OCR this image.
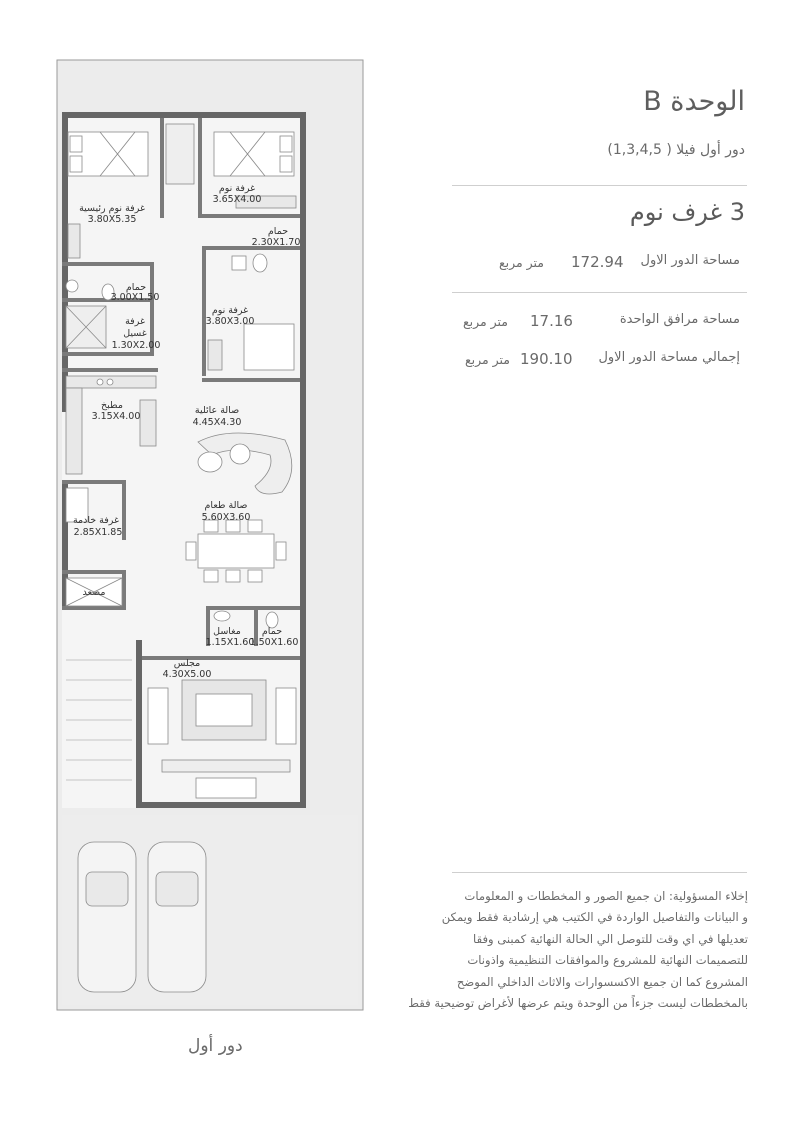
غرفة نوم رئيسية
3.80X5.35
غرفة نوم
3.65X4.00
حمام
2.30X1.70
حمام
3.00X1.50
غرفة
غسيل
1.30X2.00
غرفة نوم
3.80X3.00
مطبخ
3.15X4.00
صالة عائلية
4.45X4.30
غرفة خادمة
2.85X1.85
صالة طعام
5.60X3.60
مصعد
مغاسل
1.15X1.60
حمام
1.50X1.60
مجلس
4.30X5.00
الوحدة B
دور أول فيلا ( 1,3,4,5)
3 غرف نوم
مساحة الدور الاول
172.94
متر مربع
مساحة مرافق الواحدة
17.16
متر مربع
إجمالي مساحة الدور الاول
190.10
متر مربع
إخلاء المسؤولية: ان جميع الصور و المخططات و المعلومات
و البيانات والتفاصيل الواردة في الكتيب هي إرشادية فقط ويمكن
تعديلها في اي وقت للتوصل الي الحالة النهائية كمبنى وفقا
للتصميمات النهائية للمشروع والموافقات التنظيمية واذونات
المشروع كما ان جميع الاكسسوارات والاثاث الداخلي الموضح
بالمخططات ليست جزءاً من الوحدة ويتم عرضها لأغراض توضيحية فقط
دور أول
